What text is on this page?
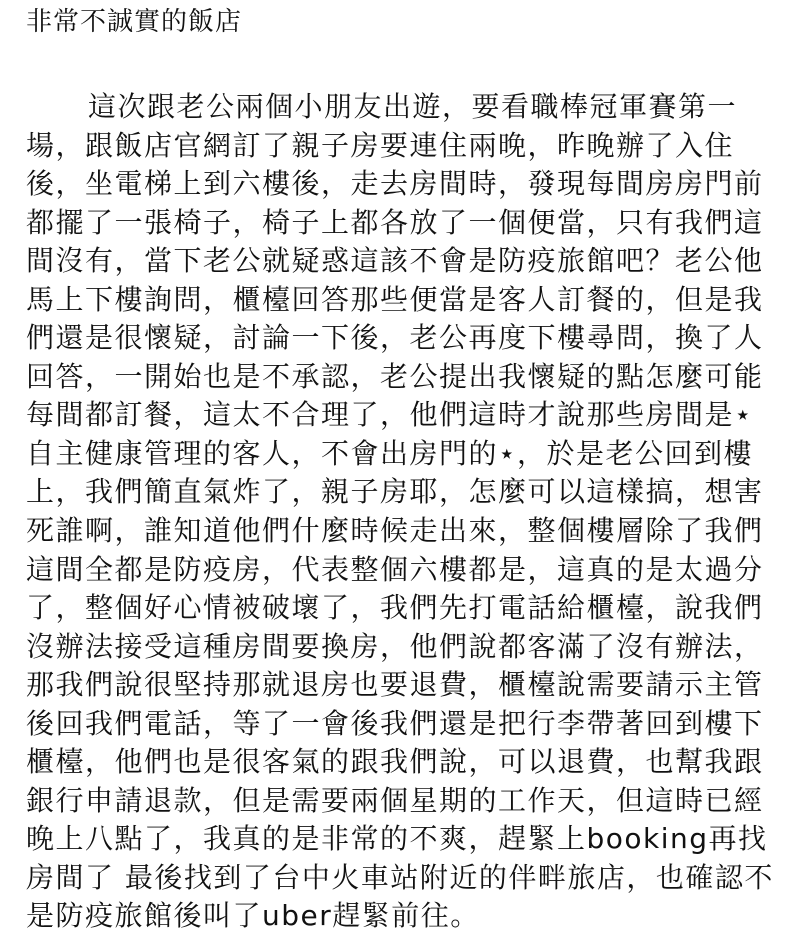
非常不誠實的飯店
這次跟老公兩個小朋友出遊，要看職棒冠軍賽第一
場，跟飯店官網訂了親子房要連住兩晚，昨晚辦了入住
後，坐電梯上到六樓後，走去房間時，發現每間房房門前
都擺了一張椅子，椅子上都各放了一個便當，只有我們這
間沒有，當下老公就疑惑這該不會是防疫旅館吧？老公他
馬上下樓詢問，櫃檯回答那些便當是客人訂餐的，但是我
們還是很懷疑，討論一下後，老公再度下樓尋問，換了人
回答，一開始也是不承認，老公提出我懷疑的點怎麼可能
每間都訂餐，這太不合理了，他們這時才說那些房間是⋆
自主健康管理的客人，不會出房門的⋆，於是老公回到樓
上，我們簡直氣炸了，親子房耶，怎麼可以這樣搞，想害
死誰啊，誰知道他們什麼時候走出來，整個樓層除了我們
這間全都是防疫房，代表整個六樓都是，這真的是太過分
了，整個好心情被破壞了，我們先打電話給櫃檯，說我們
沒辦法接受這種房間要換房，他們說都客滿了沒有辦法，
那我們說很堅持那就退房也要退費，櫃檯說需要請示主管
後回我們電話，等了一會後我們還是把行李帶著回到樓下
櫃檯，他們也是很客氣的跟我們說，可以退費，也幫我跟
銀行申請退款，但是需要兩個星期的工作天，但這時已經
晚上八點了，我真的是非常的不爽，趕緊上booking再找
房間了 最後找到了台中火車站附近的伴畔旅店，也確認不
是防疫旅館後叫了uber趕緊前往。
